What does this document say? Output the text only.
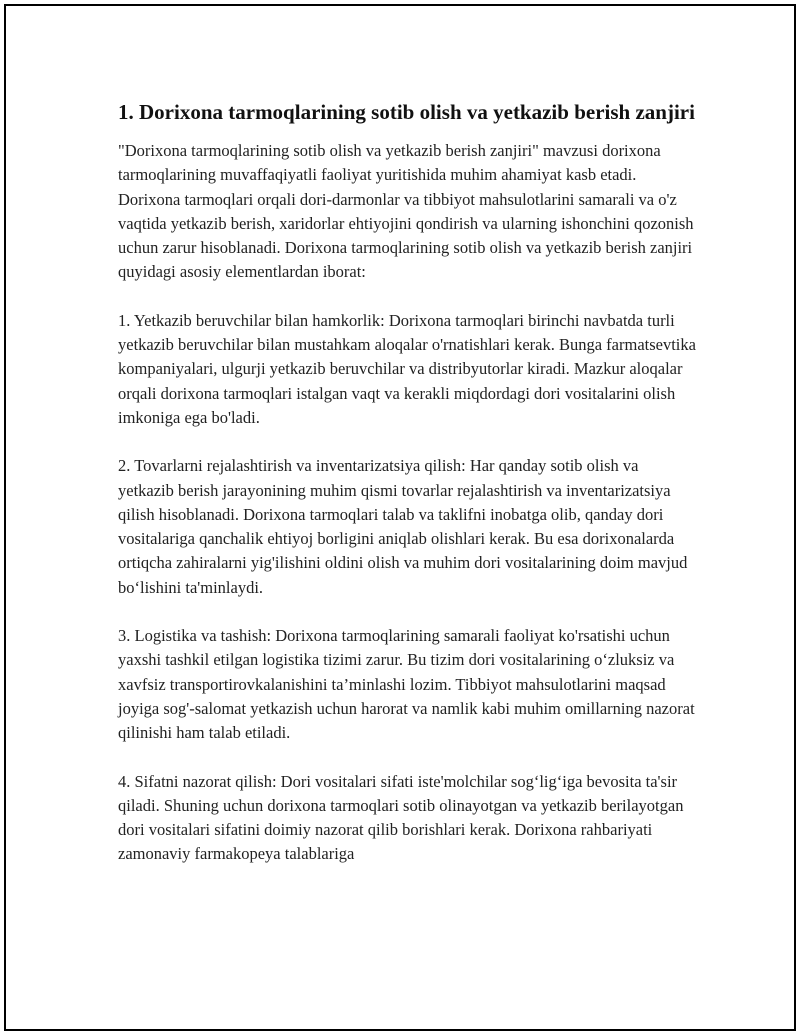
1. Dorixona tarmoqlarining sotib olish va yetkazib berish zanjiri

"Dorixona tarmoqlarining sotib olish va yetkazib berish zanjiri" mavzusi dorixona tarmoqlarining muvaffaqiyatli faoliyat yuritishida muhim ahamiyat kasb etadi. Dorixona tarmoqlari orqali dori-darmonlar va tibbiyot mahsulotlarini samarali va o'z vaqtida yetkazib berish, xaridorlar ehtiyojini qondirish va ularning ishonchini qozonish uchun zarur hisoblanadi. Dorixona tarmoqlarining sotib olish va yetkazib berish zanjiri quyidagi asosiy elementlardan iborat:

1. Yetkazib beruvchilar bilan hamkorlik: Dorixona tarmoqlari birinchi navbatda turli yetkazib beruvchilar bilan mustahkam aloqalar o'rnatishlari kerak. Bunga farmatsevtika kompaniyalari, ulgurji yetkazib beruvchilar va distribyutorlar kiradi. Mazkur aloqalar orqali dorixona tarmoqlari istalgan vaqt va kerakli miqdordagi dori vositalarini olish imkoniga ega bo'ladi.

2. Tovarlarni rejalashtirish va inventarizatsiya qilish: Har qanday sotib olish va yetkazib berish jarayonining muhim qismi tovarlar rejalashtirish va inventarizatsiya qilish hisoblanadi. Dorixona tarmoqlari talab va taklifni inobatga olib, qanday dori vositalariga qanchalik ehtiyoj borligini aniqlab olishlari kerak. Bu esa dorixonalarda ortiqcha zahiralarni yig'ilishini oldini olish va muhim dori vositalarining doim mavjud bo‘lishini ta'minlaydi.

3. Logistika va tashish: Dorixona tarmoqlarining samarali faoliyat ko'rsatishi uchun yaxshi tashkil etilgan logistika tizimi zarur. Bu tizim dori vositalarining o‘zluksiz va xavfsiz transportirovkalanishini ta’minlashi lozim. Tibbiyot mahsulotlarini maqsad joyiga sog'-salomat yetkazish uchun harorat va namlik kabi muhim omillarning nazorat qilinishi ham talab etiladi.

4. Sifatni nazorat qilish: Dori vositalari sifati iste'molchilar sog‘lig‘iga bevosita ta'sir qiladi. Shuning uchun dorixona tarmoqlari sotib olinayotgan va yetkazib berilayotgan dori vositalari sifatini doimiy nazorat qilib borishlari kerak. Dorixona rahbariyati zamonaviy farmakopeya talablariga
